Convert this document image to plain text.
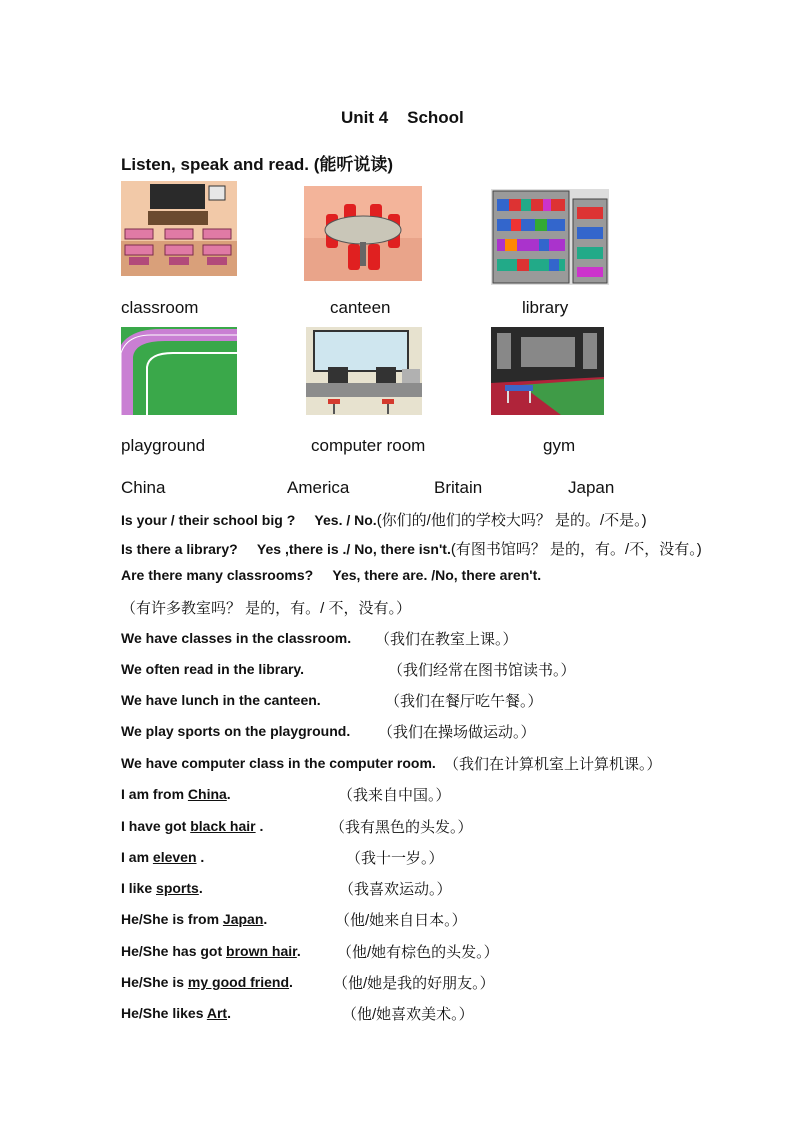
Unit 4    School
Listen, speak and read. (能听说读)
classroom	canteen	library
playground	computer room	gym
China	America	Britain	Japan
Is your / their school big ?     Yes. / No.(你们的/他们的学校大吗？ 是的。/不是。)
Is there a library?     Yes ,there is ./ No, there isn't.(有图书馆吗？ 是的，有。/不，没有。)
Are there many classrooms?     Yes, there are. /No, there aren't.
（有许多教室吗？ 是的，有。/ 不，没有。）
We have classes in the classroom. （我们在教室上课。）
We often read in the library.	（我们经常在图书馆读书。）
We have lunch in the canteen.	（我们在餐厅吃午餐。）
We play sports on the playground. （我们在操场做运动。）
We have computer class in the computer room. （我们在计算机室上计算机课。）
I am from China.	（我来自中国。）
I have got black hair .	（我有黑色的头发。）
I am eleven .	（我十一岁。）
I like sports.	（我喜欢运动。）
He/She is from Japan.	（他/她来自日本。）
He/She has got brown hair. （他/她有棕色的头发。）
He/She is my good friend.	（他/她是我的好朋友。）
He/She likes Art.	（他/她喜欢美术。）
